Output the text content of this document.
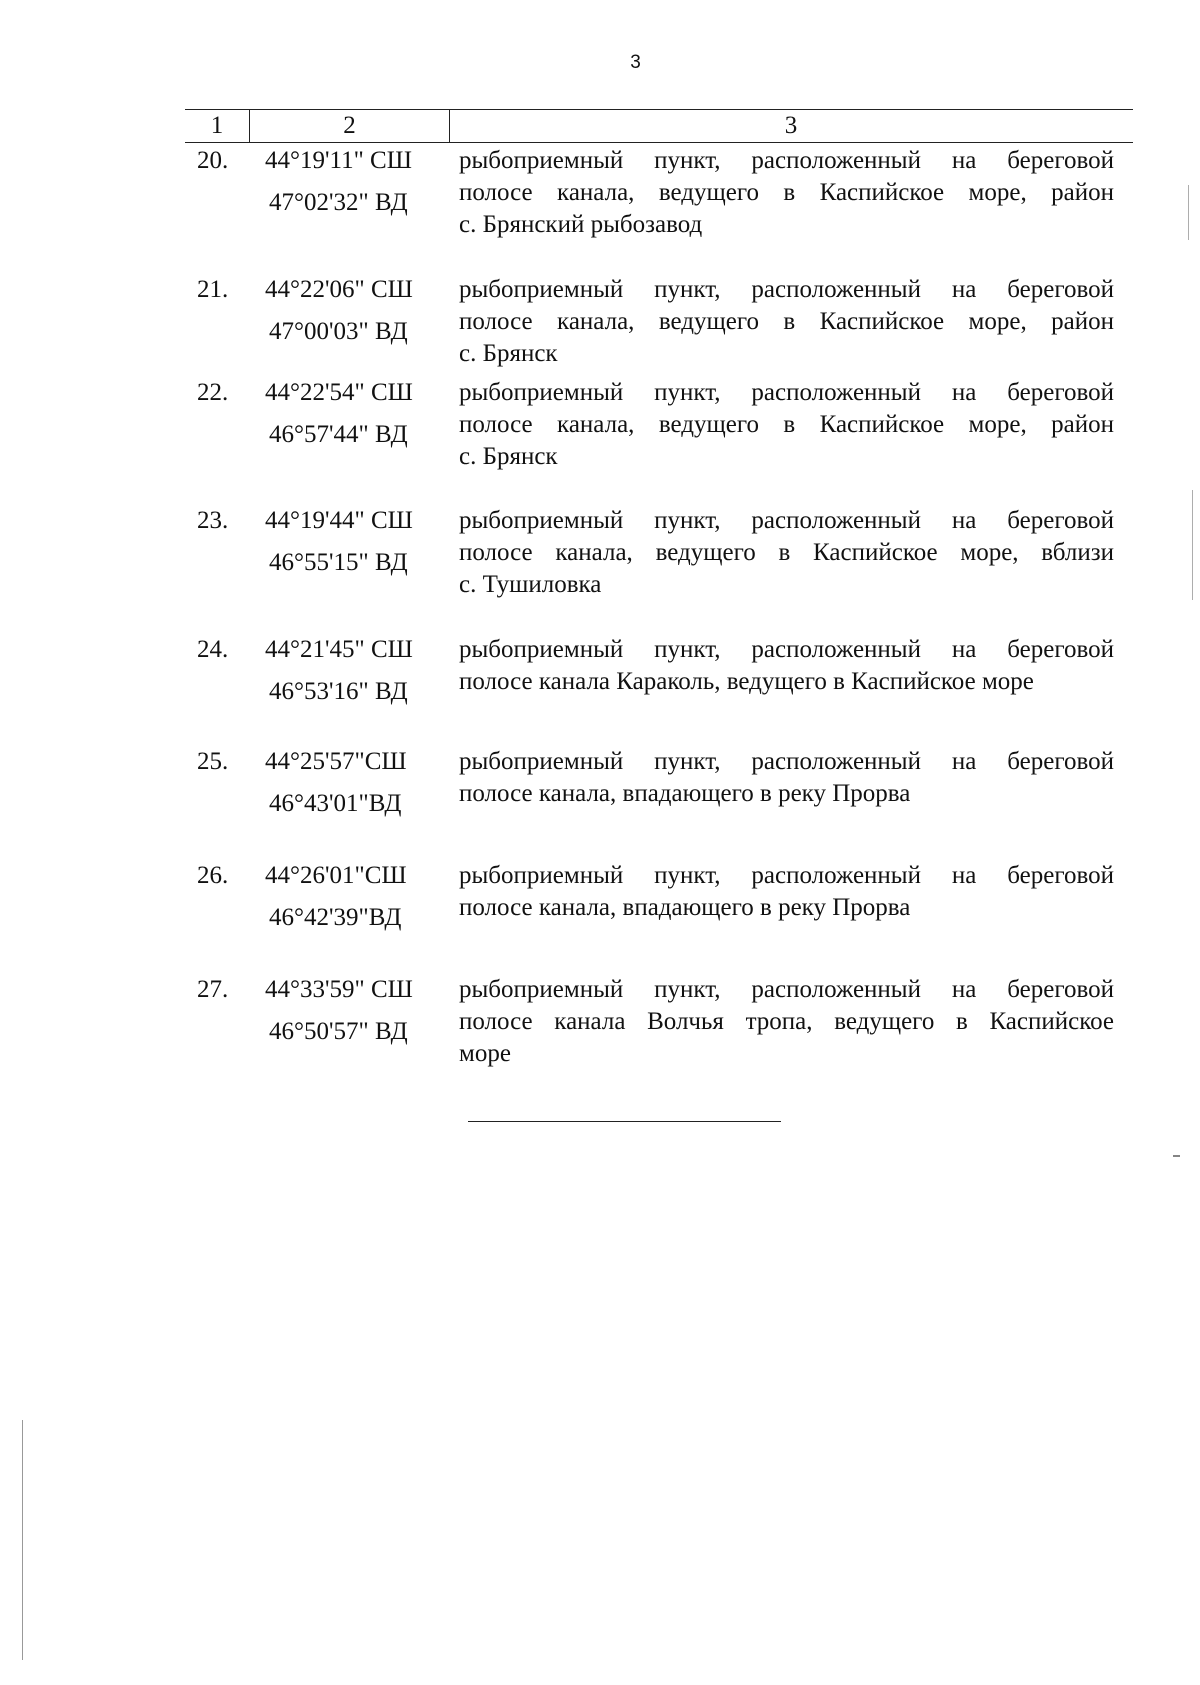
3
1	2	3
20. 44°19'11" СШ
47°02'32" ВД
рыбоприемный пункт, расположенный на береговой
полосе канала, ведущего в Каспийское море, район
с. Брянский рыбозавод
21. 44°22'06" СШ
47°00'03" ВД
рыбоприемный пункт, расположенный на береговой
полосе канала, ведущего в Каспийское море, район
с. Брянск
22. 44°22'54" СШ
46°57'44" ВД
рыбоприемный пункт, расположенный на береговой
полосе канала, ведущего в Каспийское море, район
с. Брянск
23. 44°19'44" СШ
46°55'15" ВД
рыбоприемный пункт, расположенный на береговой
полосе канала, ведущего в Каспийское море, вблизи
с. Тушиловка
24. 44°21'45" СШ
46°53'16" ВД
рыбоприемный пункт, расположенный на береговой
полосе канала Караколь, ведущего в Каспийское море
25. 44°25'57"СШ
46°43'01"ВД
рыбоприемный пункт, расположенный на береговой
полосе канала, впадающего в реку Прорва
26. 44°26'01"СШ
46°42'39"ВД
рыбоприемный пункт, расположенный на береговой
полосе канала, впадающего в реку Прорва
27. 44°33'59" СШ
46°50'57" ВД
рыбоприемный пункт, расположенный на береговой
полосе канала Волчья тропа, ведущего в Каспийское
море
